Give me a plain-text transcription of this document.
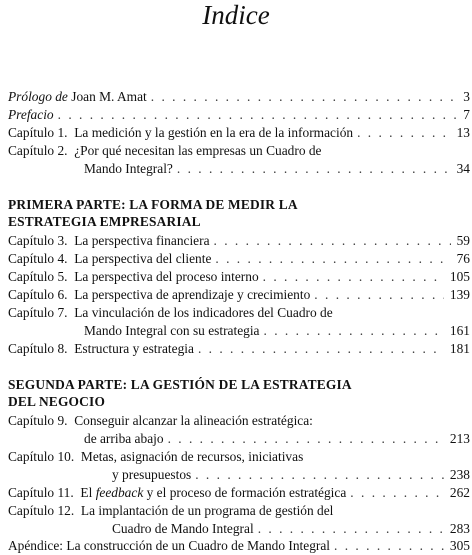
Indice
Prólogo de Joan M. Amat . . .	3
Prefacio . . .	7
Capítulo 1. La medición y la gestión en la era de la información . . .	13
Capítulo 2. ¿Por qué necesitan las empresas un Cuadro de
Mando Integral? . . .	34
PRIMERA PARTE: LA FORMA DE MEDIR LA
ESTRATEGIA EMPRESARIAL
Capítulo 3. La perspectiva financiera . . .	59
Capítulo 4. La perspectiva del cliente . . .	76
Capítulo 5. La perspectiva del proceso interno . . .	105
Capítulo 6. La perspectiva de aprendizaje y crecimiento . . .	139
Capítulo 7. La vinculación de los indicadores del Cuadro de
Mando Integral con su estrategia . . .	161
Capítulo 8. Estructura y estrategia . . .	181
SEGUNDA PARTE: LA GESTIÓN DE LA ESTRATEGIA
DEL NEGOCIO
Capítulo 9. Conseguir alcanzar la alineación estratégica:
de arriba abajo . . .	213
Capítulo 10. Metas, asignación de recursos, iniciativas
y presupuestos . . .	238
Capítulo 11. El feedback y el proceso de formación estratégica . . .	262
Capítulo 12. La implantación de un programa de gestión del
Cuadro de Mando Integral . . .	283
Apéndice: La construcción de un Cuadro de Mando Integral . . .	305
